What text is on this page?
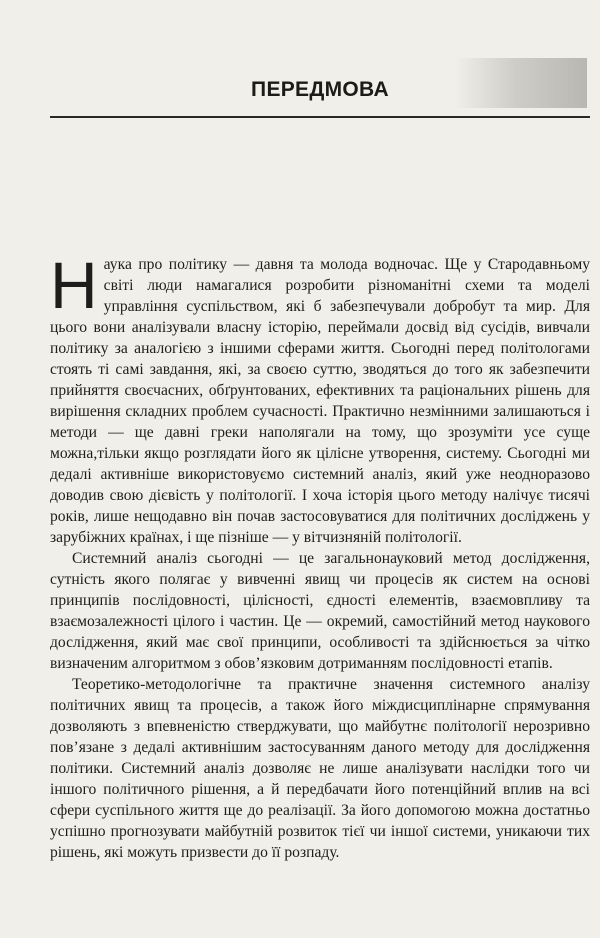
ПЕРЕДМОВА

Наука про політику — давня та молода водночас. Ще у Стародавньому світі люди намагалися розробити різноманітні схеми та моделі управління суспільством, які б забезпечували добробут та мир. Для цього вони аналізували власну історію, переймали досвід від сусідів, вивчали політику за аналогією з іншими сферами життя. Сьогодні перед політологами стоять ті самі завдання, які, за своєю суттю, зводяться до того як забезпечити прийняття своєчасних, обґрунтованих, ефективних та раціональних рішень для вирішення складних проблем сучасності. Практично незмінними залишаються і методи — ще давні греки наполягали на тому, що зрозуміти усе суще можна,тільки якщо розглядати його як цілісне утворення, систему. Сьогодні ми дедалі активніше використовуємо системний аналіз, який уже неодноразово доводив свою дієвість у політології. І хоча історія цього методу налічує тисячі років, лише нещодавно він почав застосовуватися для політичних досліджень у зарубіжних країнах, і ще пізніше — у вітчизняній політології.

Системний аналіз сьогодні — це загальнонауковий метод дослідження, сутність якого полягає у вивченні явищ чи процесів як систем на основі принципів послідовності, цілісності, єдності елементів, взаємовпливу та взаємозалежності цілого і частин. Це — окремий, самостійний метод наукового дослідження, який має свої принципи, особливості та здійснюється за чітко визначеним алгоритмом з обов’язковим дотриманням послідовності етапів.

Теоретико-методологічне та практичне значення системного аналізу політичних явищ та процесів, а також його міждисциплінарне спрямування дозволяють з впевненістю стверджувати, що майбутнє політології нерозривно пов’язане з дедалі активнішим застосуванням даного методу для дослідження політики. Системний аналіз дозволяє не лише аналізувати наслідки того чи іншого політичного рішення, а й передбачати його потенційний вплив на всі сфери суспільного життя ще до реалізації. За його допомогою можна достатньо успішно прогнозувати майбутній розвиток тієї чи іншої системи, уникаючи тих рішень, які можуть призвести до її розпаду.
